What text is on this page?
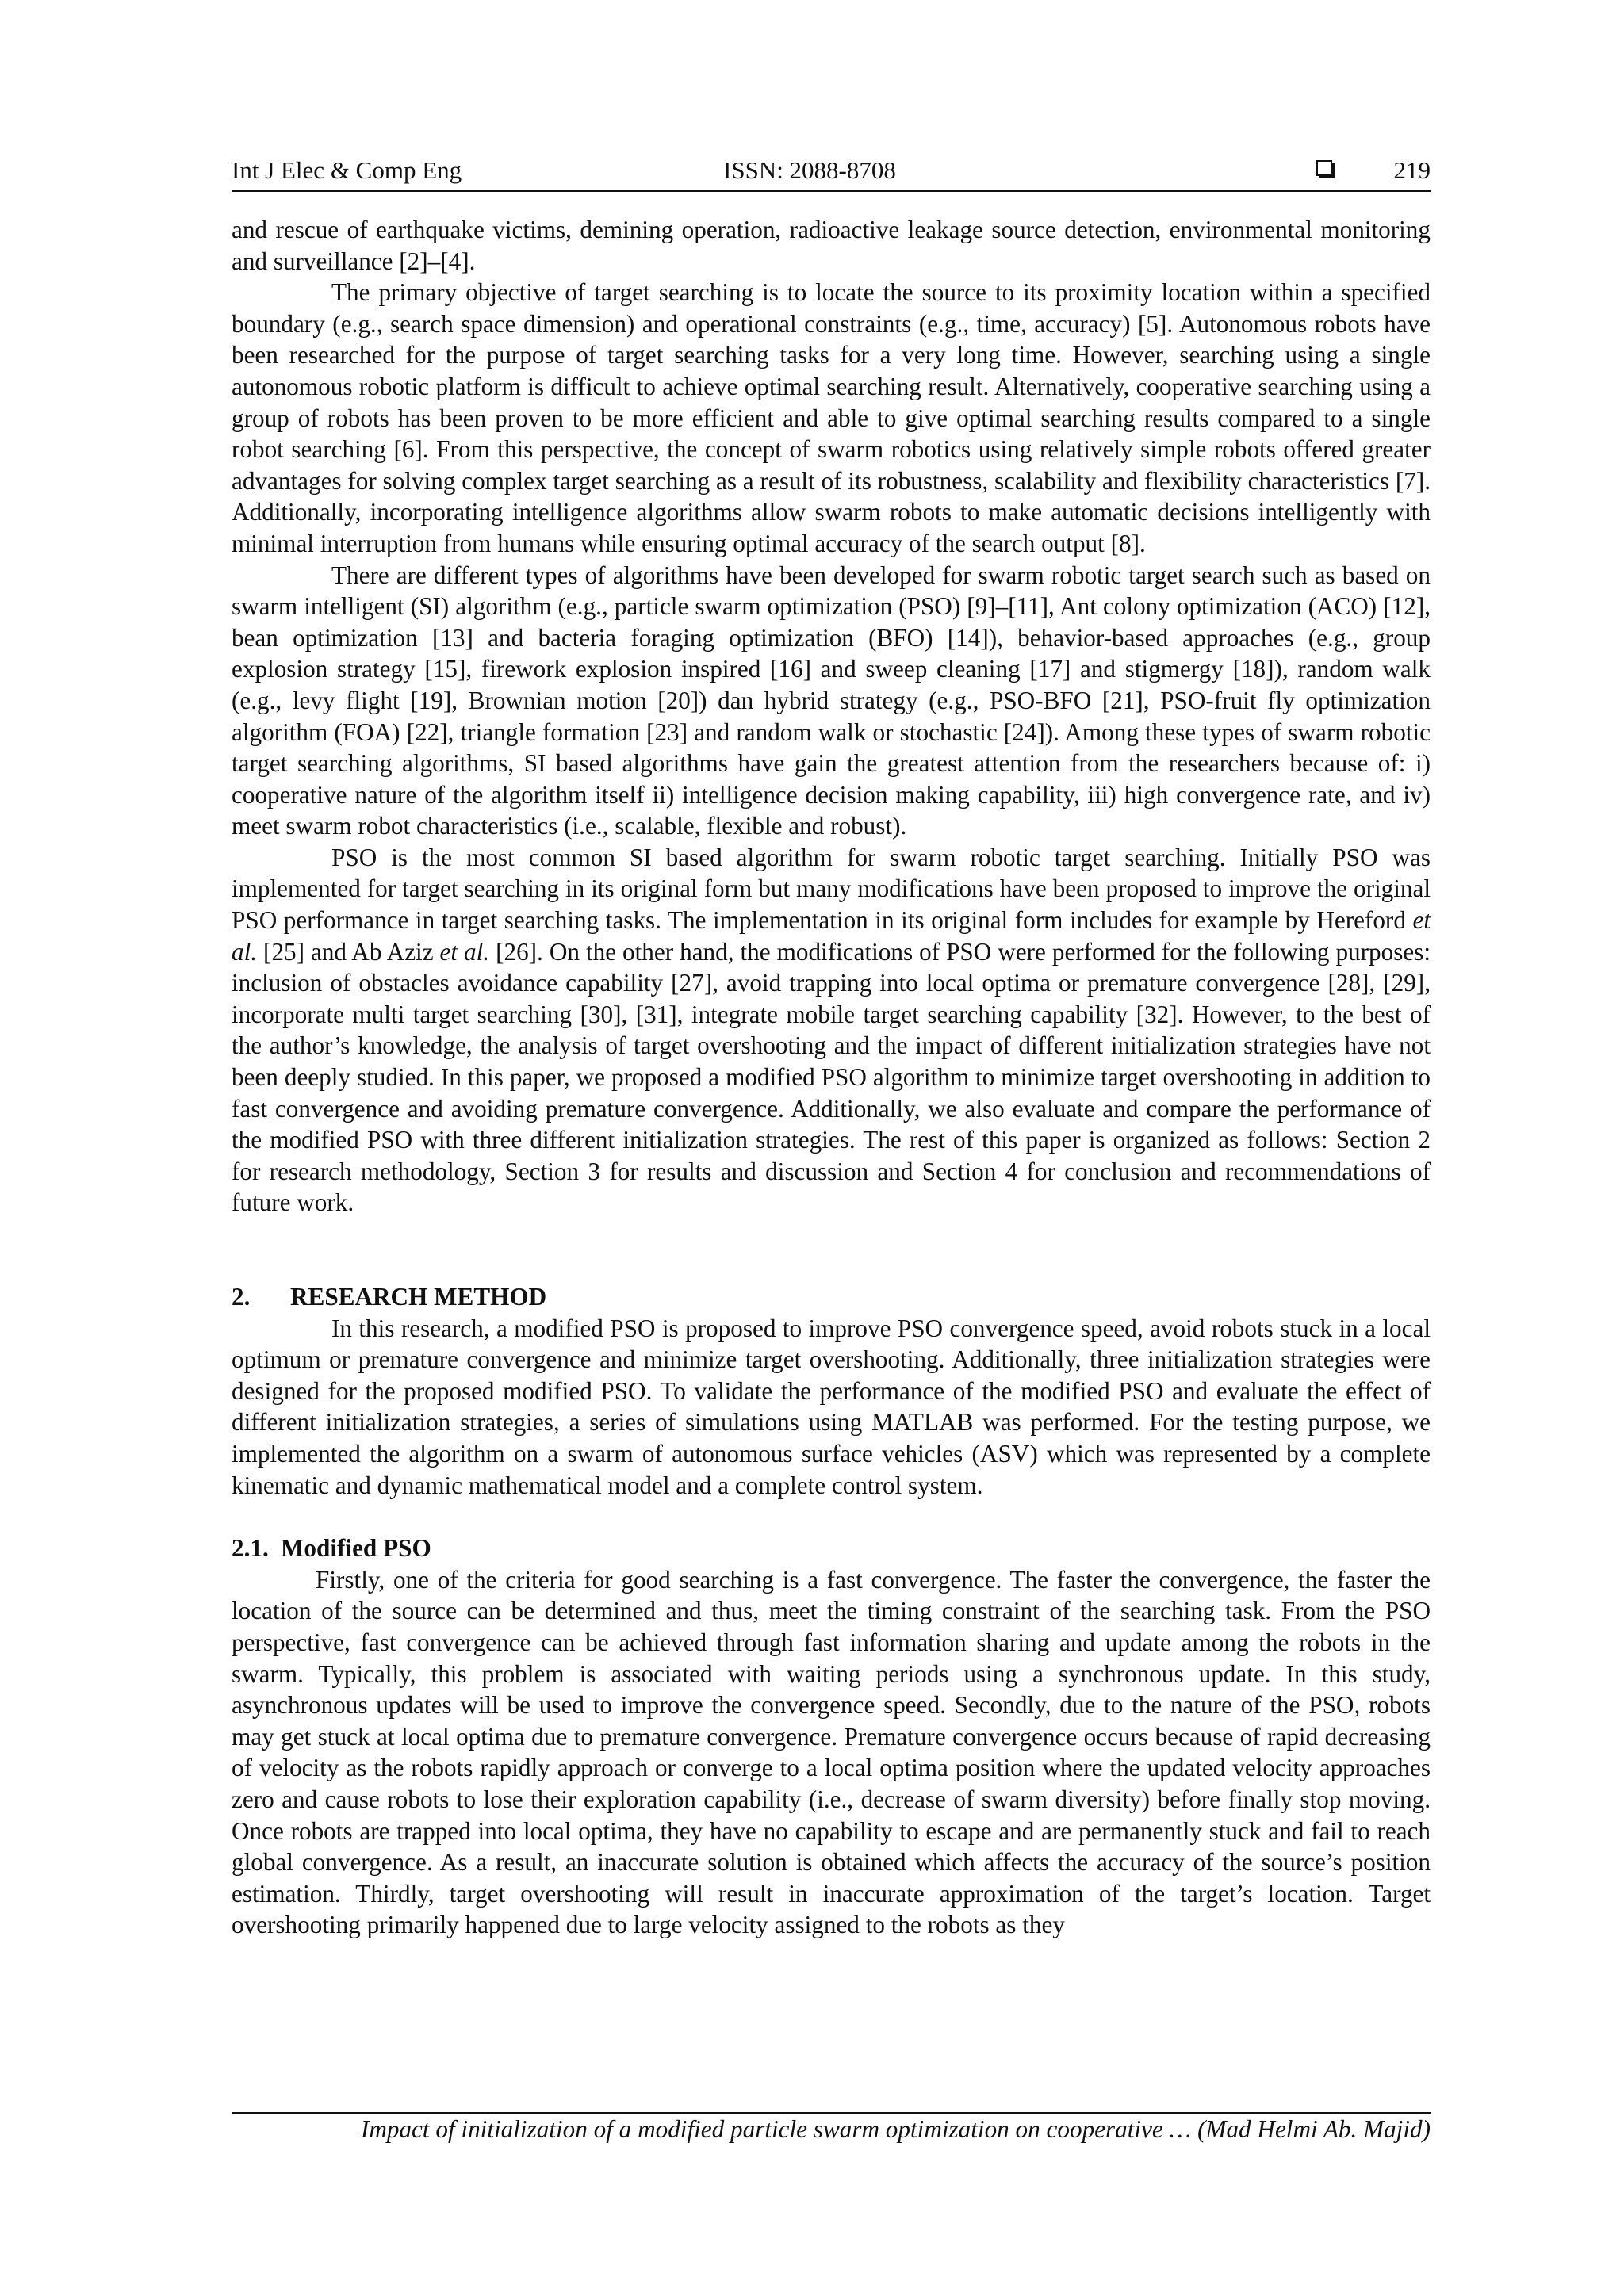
Int J Elec & Comp Eng	ISSN: 2088-8708	219

and rescue of earthquake victims, demining operation, radioactive leakage source detection, environmental monitoring and surveillance [2]–[4].

The primary objective of target searching is to locate the source to its proximity location within a specified boundary (e.g., search space dimension) and operational constraints (e.g., time, accuracy) [5]. Autonomous robots have been researched for the purpose of target searching tasks for a very long time. However, searching using a single autonomous robotic platform is difficult to achieve optimal searching result. Alternatively, cooperative searching using a group of robots has been proven to be more efficient and able to give optimal searching results compared to a single robot searching [6]. From this perspective, the concept of swarm robotics using relatively simple robots offered greater advantages for solving complex target searching as a result of its robustness, scalability and flexibility characteristics [7]. Additionally, incorporating intelligence algorithms allow swarm robots to make automatic decisions intelligently with minimal interruption from humans while ensuring optimal accuracy of the search output [8].

There are different types of algorithms have been developed for swarm robotic target search such as based on swarm intelligent (SI) algorithm (e.g., particle swarm optimization (PSO) [9]–[11], Ant colony optimization (ACO) [12], bean optimization [13] and bacteria foraging optimization (BFO) [14]), behavior-based approaches (e.g., group explosion strategy [15], firework explosion inspired [16] and sweep cleaning [17] and stigmergy [18]), random walk (e.g., levy flight [19], Brownian motion [20]) dan hybrid strategy (e.g., PSO-BFO [21], PSO-fruit fly optimization algorithm (FOA) [22], triangle formation [23] and random walk or stochastic [24]). Among these types of swarm robotic target searching algorithms, SI based algorithms have gain the greatest attention from the researchers because of: i) cooperative nature of the algorithm itself ii) intelligence decision making capability, iii) high convergence rate, and iv) meet swarm robot characteristics (i.e., scalable, flexible and robust).

PSO is the most common SI based algorithm for swarm robotic target searching. Initially PSO was implemented for target searching in its original form but many modifications have been proposed to improve the original PSO performance in target searching tasks. The implementation in its original form includes for example by Hereford et al. [25] and Ab Aziz et al. [26]. On the other hand, the modifications of PSO were performed for the following purposes: inclusion of obstacles avoidance capability [27], avoid trapping into local optima or premature convergence [28], [29], incorporate multi target searching [30], [31], integrate mobile target searching capability [32]. However, to the best of the author’s knowledge, the analysis of target overshooting and the impact of different initialization strategies have not been deeply studied. In this paper, we proposed a modified PSO algorithm to minimize target overshooting in addition to fast convergence and avoiding premature convergence. Additionally, we also evaluate and compare the performance of the modified PSO with three different initialization strategies. The rest of this paper is organized as follows: Section 2 for research methodology, Section 3 for results and discussion and Section 4 for conclusion and recommendations of future work.

2. RESEARCH METHOD

In this research, a modified PSO is proposed to improve PSO convergence speed, avoid robots stuck in a local optimum or premature convergence and minimize target overshooting. Additionally, three initialization strategies were designed for the proposed modified PSO. To validate the performance of the modified PSO and evaluate the effect of different initialization strategies, a series of simulations using MATLAB was performed. For the testing purpose, we implemented the algorithm on a swarm of autonomous surface vehicles (ASV) which was represented by a complete kinematic and dynamic mathematical model and a complete control system.

2.1. Modified PSO

Firstly, one of the criteria for good searching is a fast convergence. The faster the convergence, the faster the location of the source can be determined and thus, meet the timing constraint of the searching task. From the PSO perspective, fast convergence can be achieved through fast information sharing and update among the robots in the swarm. Typically, this problem is associated with waiting periods using a synchronous update. In this study, asynchronous updates will be used to improve the convergence speed. Secondly, due to the nature of the PSO, robots may get stuck at local optima due to premature convergence. Premature convergence occurs because of rapid decreasing of velocity as the robots rapidly approach or converge to a local optima position where the updated velocity approaches zero and cause robots to lose their exploration capability (i.e., decrease of swarm diversity) before finally stop moving. Once robots are trapped into local optima, they have no capability to escape and are permanently stuck and fail to reach global convergence. As a result, an inaccurate solution is obtained which affects the accuracy of the source’s position estimation. Thirdly, target overshooting will result in inaccurate approximation of the target’s location. Target overshooting primarily happened due to large velocity assigned to the robots as they

Impact of initialization of a modified particle swarm optimization on cooperative … (Mad Helmi Ab. Majid)
